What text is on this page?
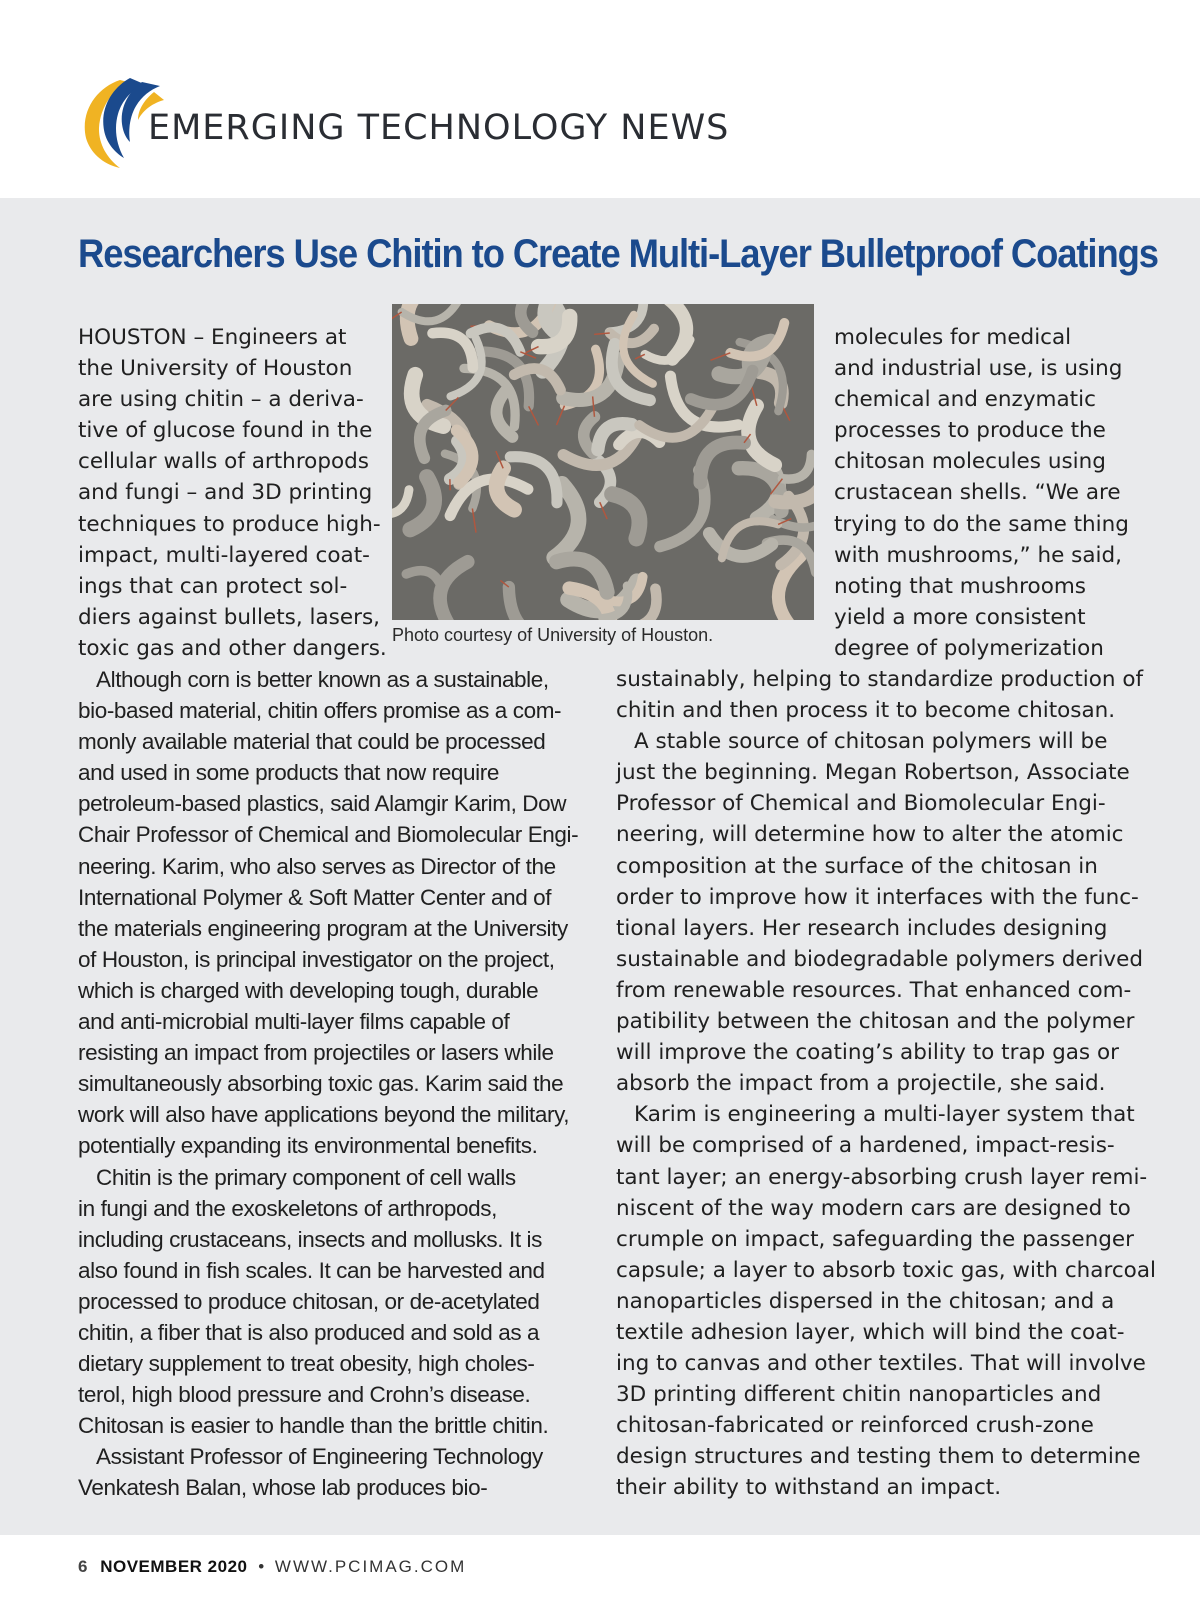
EMERGING TECHNOLOGY NEWS
Researchers Use Chitin to Create Multi-Layer Bulletproof Coatings
Photo courtesy of University of Houston.
HOUSTON – Engineers at
the University of Houston
are using chitin – a deriva-
tive of glucose found in the
cellular walls of arthropods
and fungi – and 3D printing
techniques to produce high-
impact, multi-layered coat-
ings that can protect sol-
diers against bullets, lasers,
toxic gas and other dangers.
Although corn is better known as a sustainable,
bio-based material, chitin offers promise as a com-
monly available material that could be processed
and used in some products that now require
petroleum-based plastics, said Alamgir Karim, Dow
Chair Professor of Chemical and Biomolecular Engi-
neering. Karim, who also serves as Director of the
International Polymer & Soft Matter Center and of
the materials engineering program at the University
of Houston, is principal investigator on the project,
which is charged with developing tough, durable
and anti-microbial multi-layer films capable of
resisting an impact from projectiles or lasers while
simultaneously absorbing toxic gas. Karim said the
work will also have applications beyond the military,
potentially expanding its environmental benefits.
Chitin is the primary component of cell walls
in fungi and the exoskeletons of arthropods,
including crustaceans, insects and mollusks. It is
also found in fish scales. It can be harvested and
processed to produce chitosan, or de-acetylated
chitin, a fiber that is also produced and sold as a
dietary supplement to treat obesity, high choles-
terol, high blood pressure and Crohn’s disease.
Chitosan is easier to handle than the brittle chitin.
Assistant Professor of Engineering Technology
Venkatesh Balan, whose lab produces bio-
molecules for medical
and industrial use, is using
chemical and enzymatic
processes to produce the
chitosan molecules using
crustacean shells. “We are
trying to do the same thing
with mushrooms,” he said,
noting that mushrooms
yield a more consistent
degree of polymerization
sustainably, helping to standardize production of
chitin and then process it to become chitosan.
A stable source of chitosan polymers will be
just the beginning. Megan Robertson, Associate
Professor of Chemical and Biomolecular Engi-
neering, will determine how to alter the atomic
composition at the surface of the chitosan in
order to improve how it interfaces with the func-
tional layers. Her research includes designing
sustainable and biodegradable polymers derived
from renewable resources. That enhanced com-
patibility between the chitosan and the polymer
will improve the coating’s ability to trap gas or
absorb the impact from a projectile, she said.
Karim is engineering a multi-layer system that
will be comprised of a hardened, impact-resis-
tant layer; an energy-absorbing crush layer remi-
niscent of the way modern cars are designed to
crumple on impact, safeguarding the passenger
capsule; a layer to absorb toxic gas, with charcoal
nanoparticles dispersed in the chitosan; and a
textile adhesion layer, which will bind the coat-
ing to canvas and other textiles. That will involve
3D printing different chitin nanoparticles and
chitosan-fabricated or reinforced crush-zone
design structures and testing them to determine
their ability to withstand an impact.
6 NOVEMBER 2020 • WWW.PCIMAG.COM
